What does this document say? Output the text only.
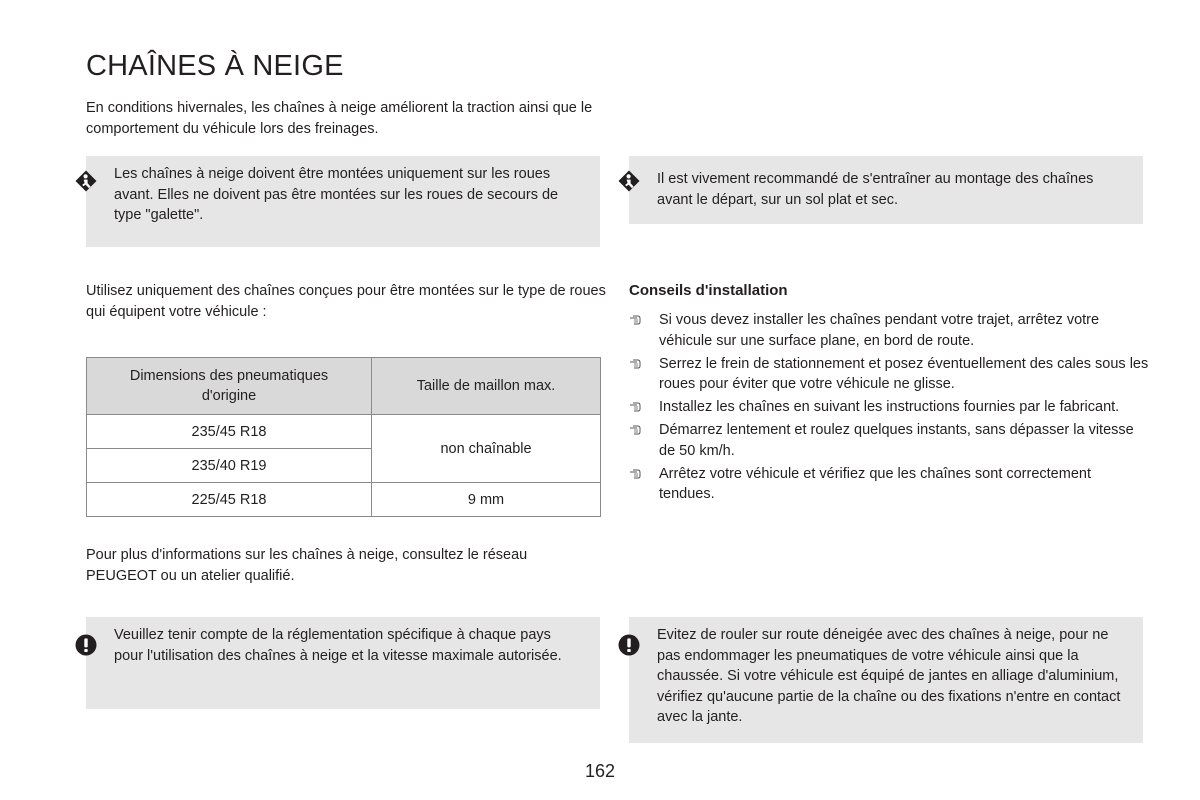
CHAÎNES À NEIGE

En conditions hivernales, les chaînes à neige améliorent la traction ainsi que le comportement du véhicule lors des freinages.

Les chaînes à neige doivent être montées uniquement sur les roues avant. Elles ne doivent pas être montées sur les roues de secours de type "galette".
Il est vivement recommandé de s'entraîner au montage des chaînes avant le départ, sur un sol plat et sec.

Utilisez uniquement des chaînes conçues pour être montées sur le type de roues qui équipent votre véhicule :

Dimensions des pneumatiques d'origine	Taille de maillon max.
235/45 R18	non chaînable
235/40 R19	
225/45 R18	9 mm

Pour plus d'informations sur les chaînes à neige, consultez le réseau PEUGEOT ou un atelier qualifié.

Conseils d'installation
Si vous devez installer les chaînes pendant votre trajet, arrêtez votre véhicule sur une surface plane, en bord de route.
Serrez le frein de stationnement et posez éventuellement des cales sous les roues pour éviter que votre véhicule ne glisse.
Installez les chaînes en suivant les instructions fournies par le fabricant.
Démarrez lentement et roulez quelques instants, sans dépasser la vitesse de 50 km/h.
Arrêtez votre véhicule et vérifiez que les chaînes sont correctement tendues.
Veuillez tenir compte de la réglementation spécifique à chaque pays pour l'utilisation des chaînes à neige et la vitesse maximale autorisée.
Evitez de rouler sur route déneigée avec des chaînes à neige, pour ne pas endommager les pneumatiques de votre véhicule ainsi que la chaussée. Si votre véhicule est équipé de jantes en alliage d'aluminium, vérifiez qu'aucune partie de la chaîne ou des fixations n'entre en contact avec la jante.
162
